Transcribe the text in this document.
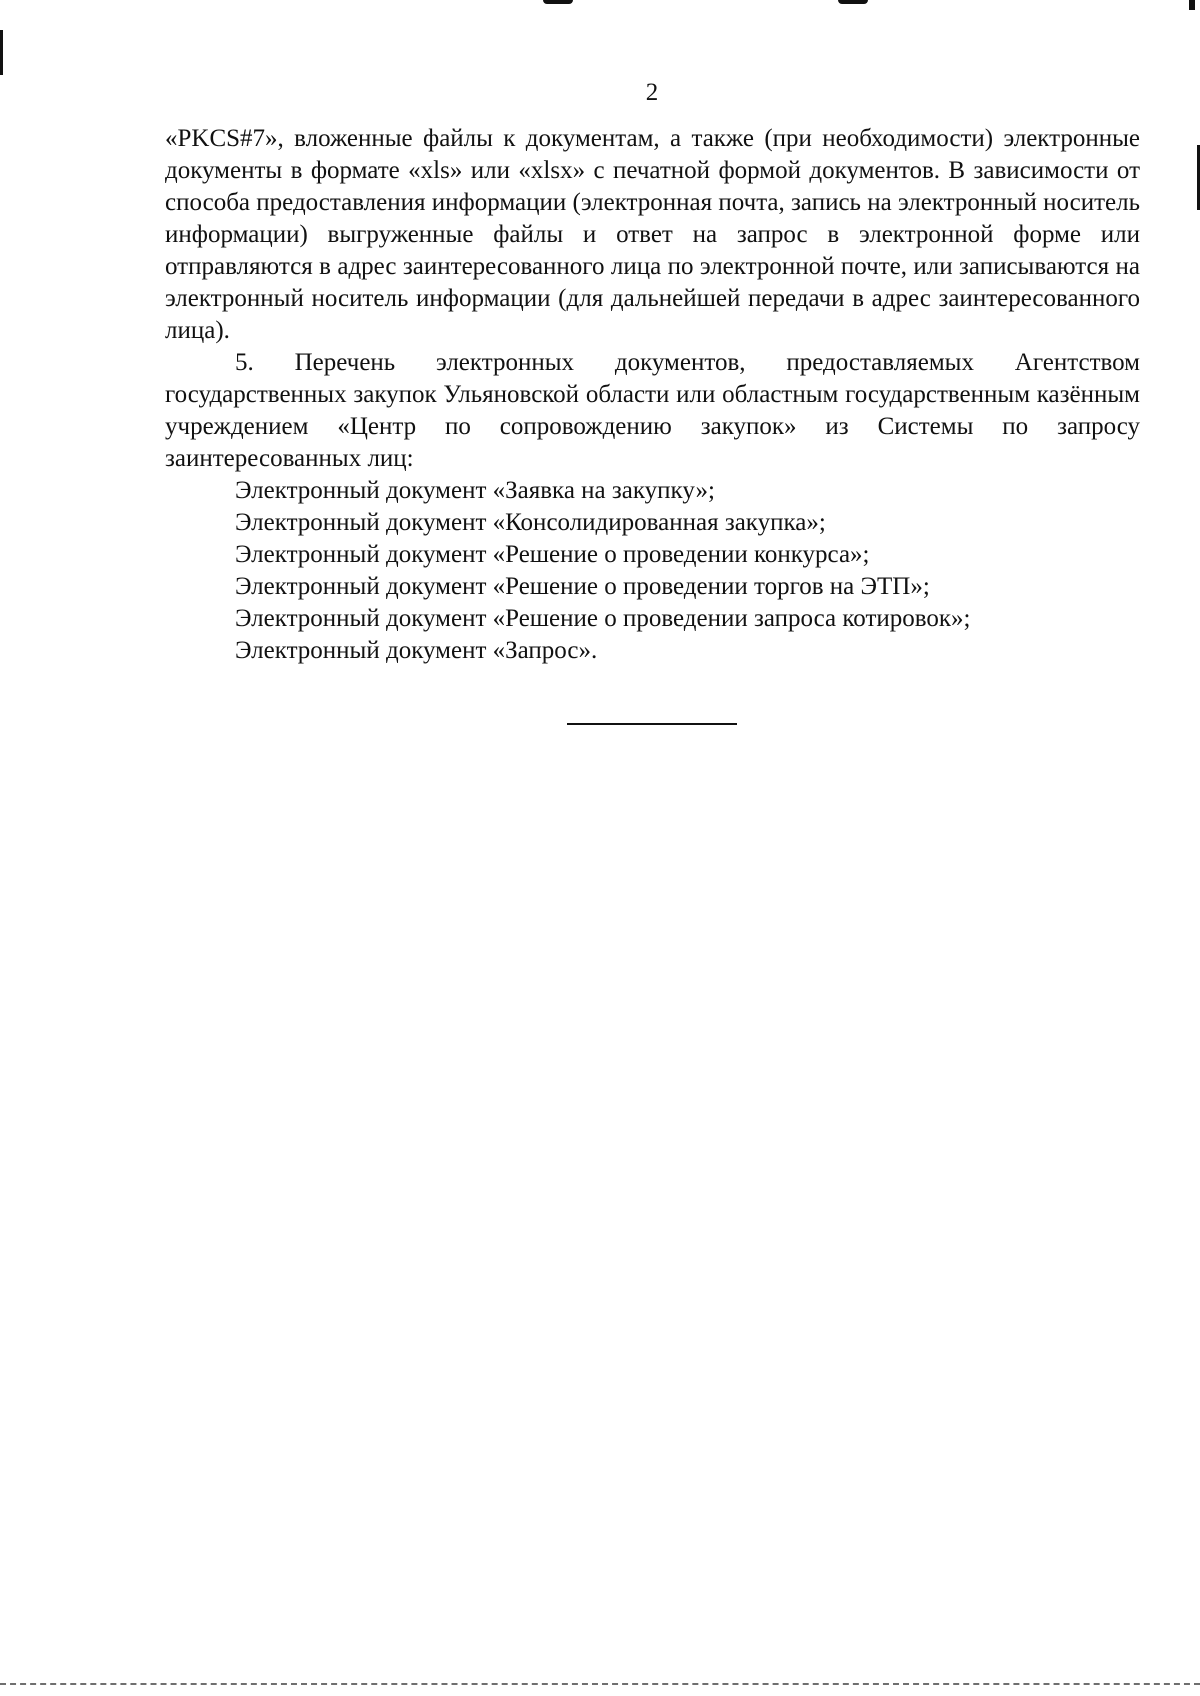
2

«PKCS#7», вложенные файлы к документам, а также (при необходимости) электронные документы в формате «xls» или «xlsx» с печатной формой документов. В зависимости от способа предоставления информации (электронная почта, запись на электронный носитель информации) выгруженные файлы и ответ на запрос в электронной форме или отправляются в адрес заинтересованного лица по электронной почте, или записываются на электронный носитель информации (для дальнейшей передачи в адрес заинтересованного лица).

5. Перечень электронных документов, предоставляемых Агентством государственных закупок Ульяновской области или областным государственным казённым учреждением «Центр по сопровождению закупок» из Системы по запросу заинтересованных лиц:

Электронный документ «Заявка на закупку»;
Электронный документ «Консолидированная закупка»;
Электронный документ «Решение о проведении конкурса»;
Электронный документ «Решение о проведении торгов на ЭТП»;
Электронный документ «Решение о проведении запроса котировок»;
Электронный документ «Запрос».
